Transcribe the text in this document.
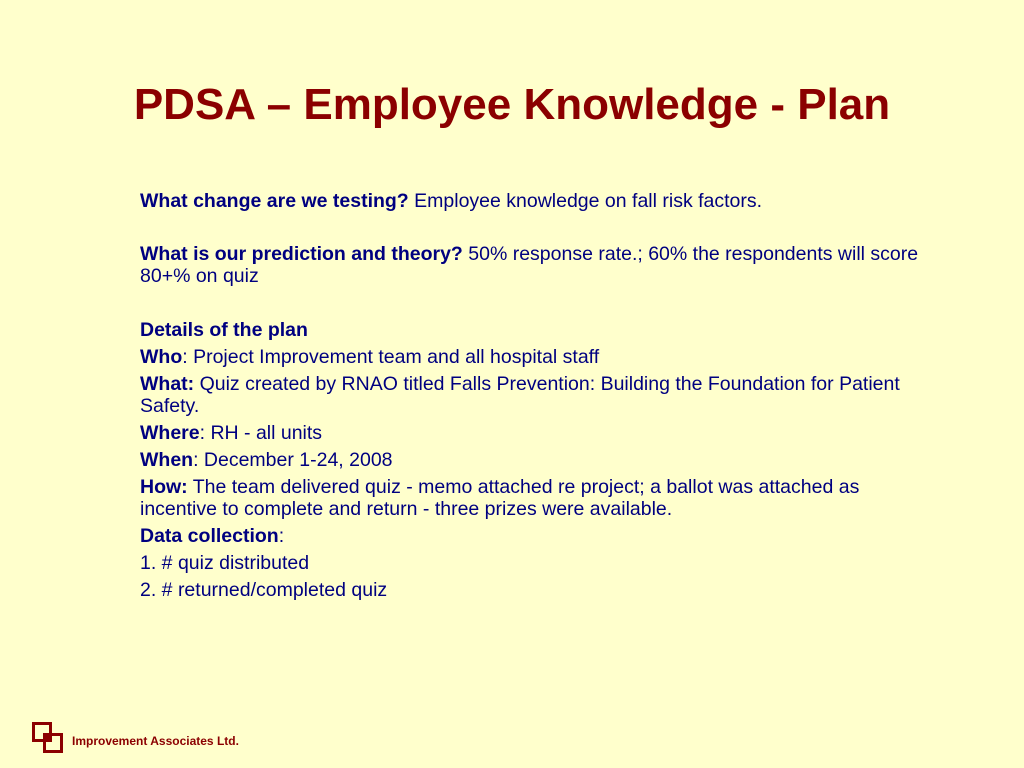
PDSA – Employee Knowledge - Plan

What change are we testing? Employee knowledge on fall risk factors.

What is our prediction and theory? 50% response rate.; 60% the respondents will score 80+% on quiz

Details of the plan

Who: Project Improvement team and all hospital staff

What: Quiz created by RNAO titled Falls Prevention: Building the Foundation for Patient Safety.

Where: RH - all units

When: December 1-24, 2008

How: The team delivered quiz - memo attached re project; a ballot was attached as incentive to complete and return - three prizes were available.

Data collection:

1. # quiz distributed

2. # returned/completed quiz

Improvement Associates Ltd.
